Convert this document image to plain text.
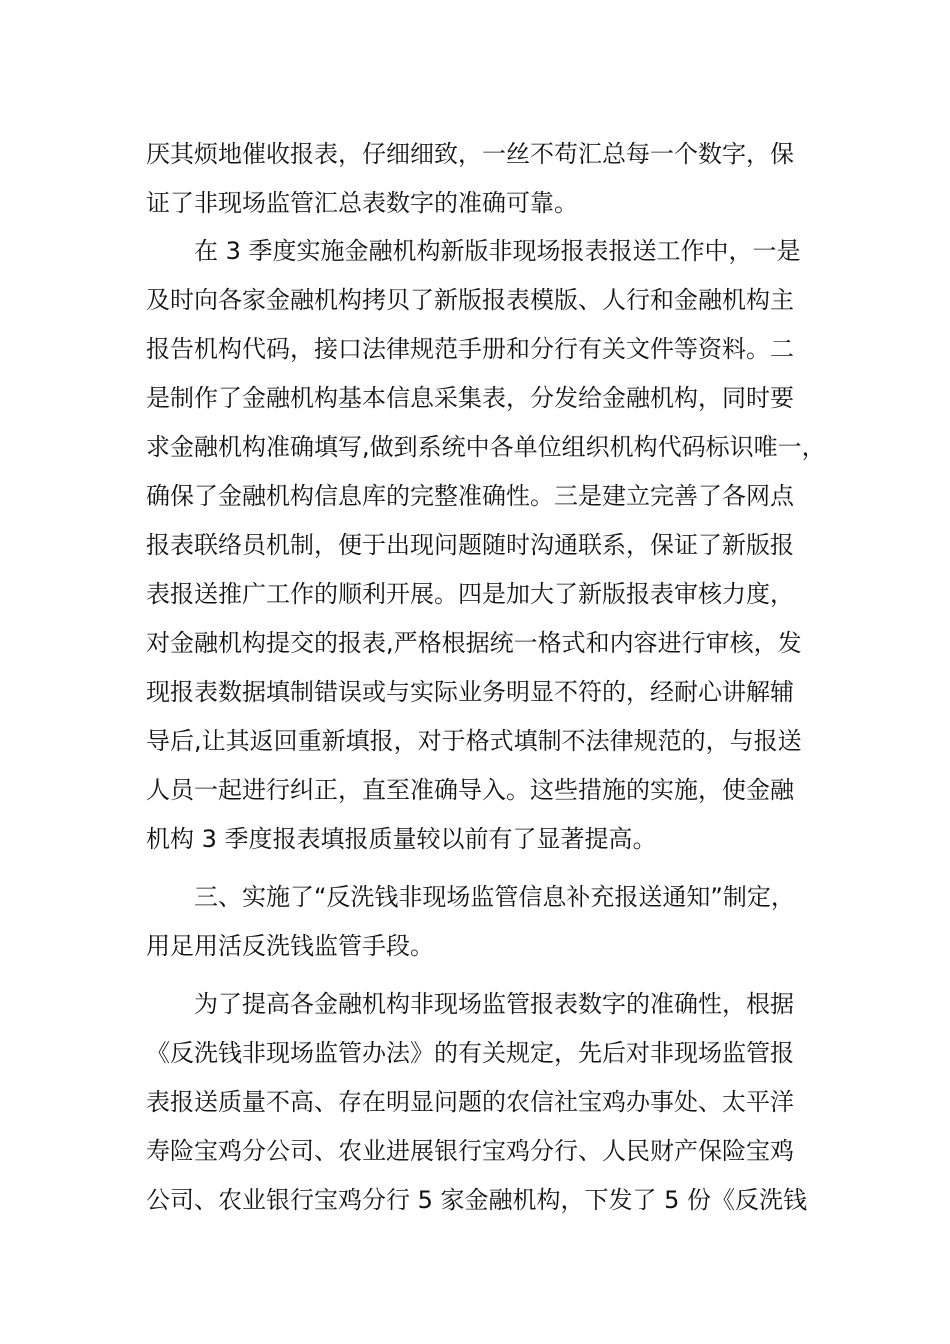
厌其烦地催收报表，仔细细致，一丝不苟汇总每一个数字，保
证了非现场监管汇总表数字的准确可靠。
在 3 季度实施金融机构新版非现场报表报送工作中，一是
及时向各家金融机构拷贝了新版报表模版、人行和金融机构主
报告机构代码，接口法律规范手册和分行有关文件等资料。二
是制作了金融机构基本信息采集表，分发给金融机构，同时要
求金融机构准确填写,做到系统中各单位组织机构代码标识唯一，
确保了金融机构信息库的完整准确性。三是建立完善了各网点
报表联络员机制，便于出现问题随时沟通联系，保证了新版报
表报送推广工作的顺利开展。四是加大了新版报表审核力度，
对金融机构提交的报表,严格根据统一格式和内容进行审核，发
现报表数据填制错误或与实际业务明显不符的，经耐心讲解辅
导后,让其返回重新填报，对于格式填制不法律规范的，与报送
人员一起进行纠正，直至准确导入。这些措施的实施，使金融
机构 3 季度报表填报质量较以前有了显著提高。
三、实施了“反洗钱非现场监管信息补充报送通知”制定，
用足用活反洗钱监管手段。
为了提高各金融机构非现场监管报表数字的准确性，根据
《反洗钱非现场监管办法》的有关规定，先后对非现场监管报
表报送质量不高、存在明显问题的农信社宝鸡办事处、太平洋
寿险宝鸡分公司、农业进展银行宝鸡分行、人民财产保险宝鸡
公司、农业银行宝鸡分行 5 家金融机构，下发了 5 份《反洗钱
